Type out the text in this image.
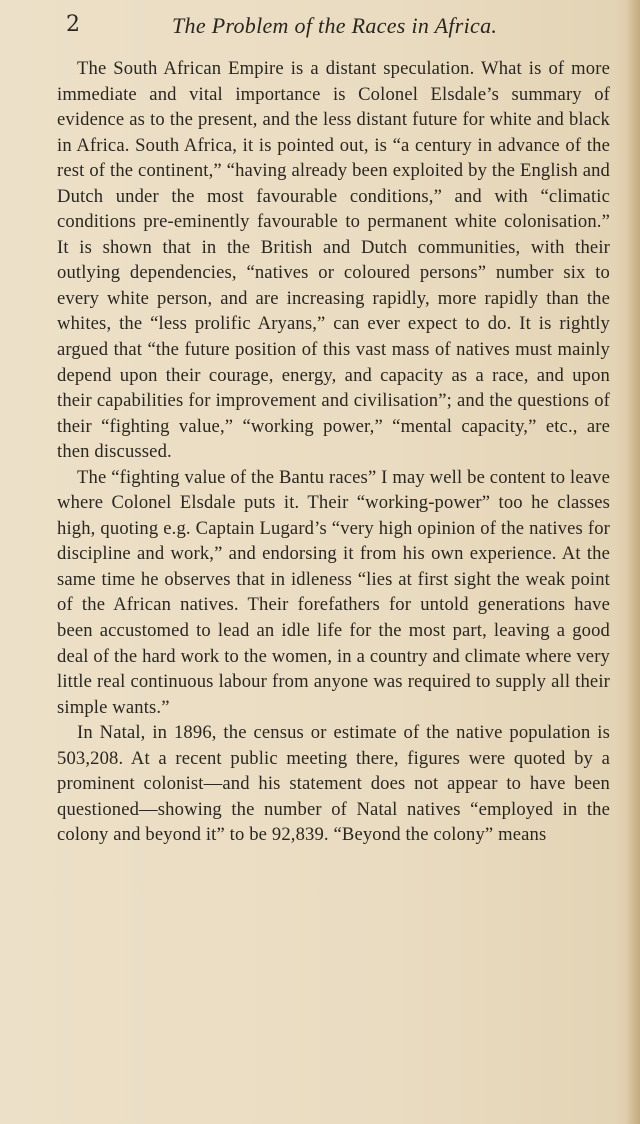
2	The Problem of the Races in Africa.

The South African Empire is a distant speculation. What is of more immediate and vital importance is Colonel Elsdale’s summary of evidence as to the present, and the less distant future for white and black in Africa. South Africa, it is pointed out, is “a century in advance of the rest of the continent,” “having already been exploited by the English and Dutch under the most favourable conditions,” and with “climatic conditions pre-eminently favourable to permanent white colonisation.” It is shown that in the British and Dutch communities, with their outlying dependencies, “natives or coloured persons” number six to every white person, and are increasing rapidly, more rapidly than the whites, the “less prolific Aryans,” can ever expect to do. It is rightly argued that “the future position of this vast mass of natives must mainly depend upon their courage, energy, and capacity as a race, and upon their capabilities for improvement and civilisation”; and the questions of their “fighting value,” “working power,” “mental capacity,” etc., are then discussed.

The “fighting value of the Bantu races” I may well be content to leave where Colonel Elsdale puts it. Their “working-power” too he classes high, quoting e.g. Captain Lugard’s “very high opinion of the natives for discipline and work,” and endorsing it from his own experience. At the same time he observes that in idleness “lies at first sight the weak point of the African natives. Their forefathers for untold generations have been accustomed to lead an idle life for the most part, leaving a good deal of the hard work to the women, in a country and climate where very little real continuous labour from anyone was required to supply all their simple wants.”

In Natal, in 1896, the census or estimate of the native population is 503,208. At a recent public meeting there, figures were quoted by a prominent colonist—and his statement does not appear to have been questioned—showing the number of Natal natives “employed in the colony and beyond it” to be 92,839. “Beyond the colony” means
